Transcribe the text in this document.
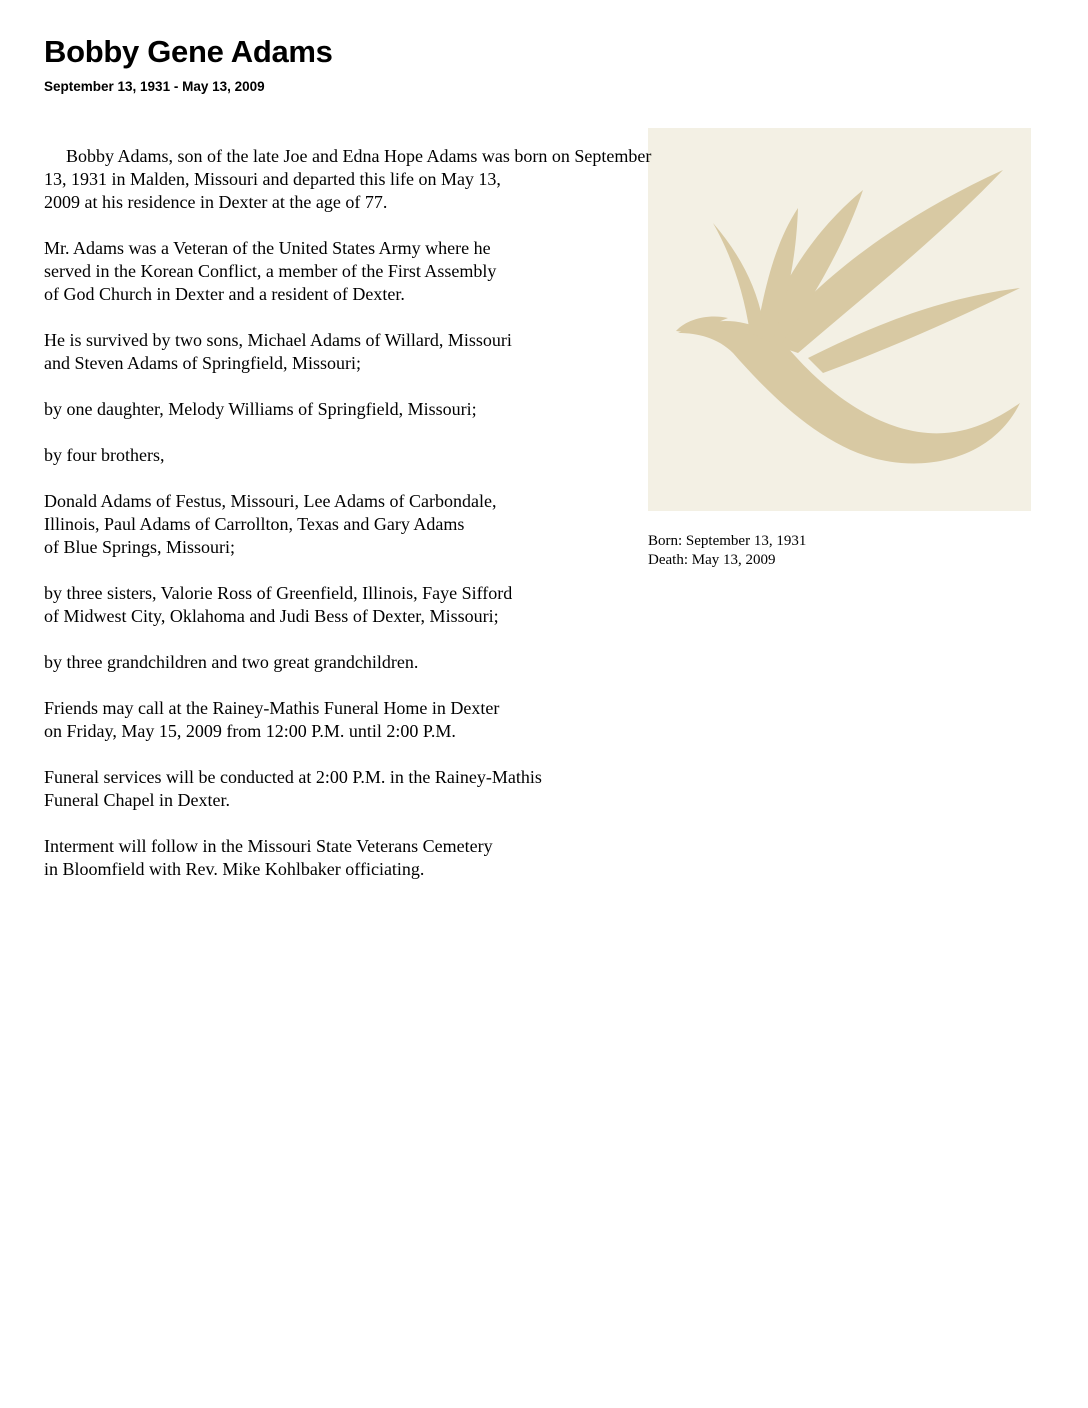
Bobby Gene Adams

September 13, 1931 - May 13, 2009

Bobby Adams, son of the late Joe and Edna Hope Adams was born on September
13, 1931 in Malden, Missouri and departed this life on May 13,
2009 at his residence in Dexter at the age of 77.

Mr. Adams was a Veteran of the United States Army where he
served in the Korean Conflict, a member of the First Assembly
of God Church in Dexter and a resident of Dexter.

He is survived by two sons, Michael Adams of Willard, Missouri
and Steven Adams of Springfield, Missouri;

by one daughter, Melody Williams of Springfield, Missouri;

by four brothers,

Donald Adams of Festus, Missouri, Lee Adams of Carbondale,
Illinois, Paul Adams of Carrollton, Texas and Gary Adams
of Blue Springs, Missouri;

by three sisters, Valorie Ross of Greenfield, Illinois, Faye Sifford
of Midwest City, Oklahoma and Judi Bess of Dexter, Missouri;

by three grandchildren and two great grandchildren.

Friends may call at the Rainey-Mathis Funeral Home in Dexter
on Friday, May 15, 2009 from 12:00 P.M. until 2:00 P.M.

Funeral services will be conducted at 2:00 P.M. in the Rainey-Mathis
Funeral Chapel in Dexter.

Interment will follow in the Missouri State Veterans Cemetery
in Bloomfield with Rev. Mike Kohlbaker officiating.

Born: September 13, 1931
Death: May 13, 2009
